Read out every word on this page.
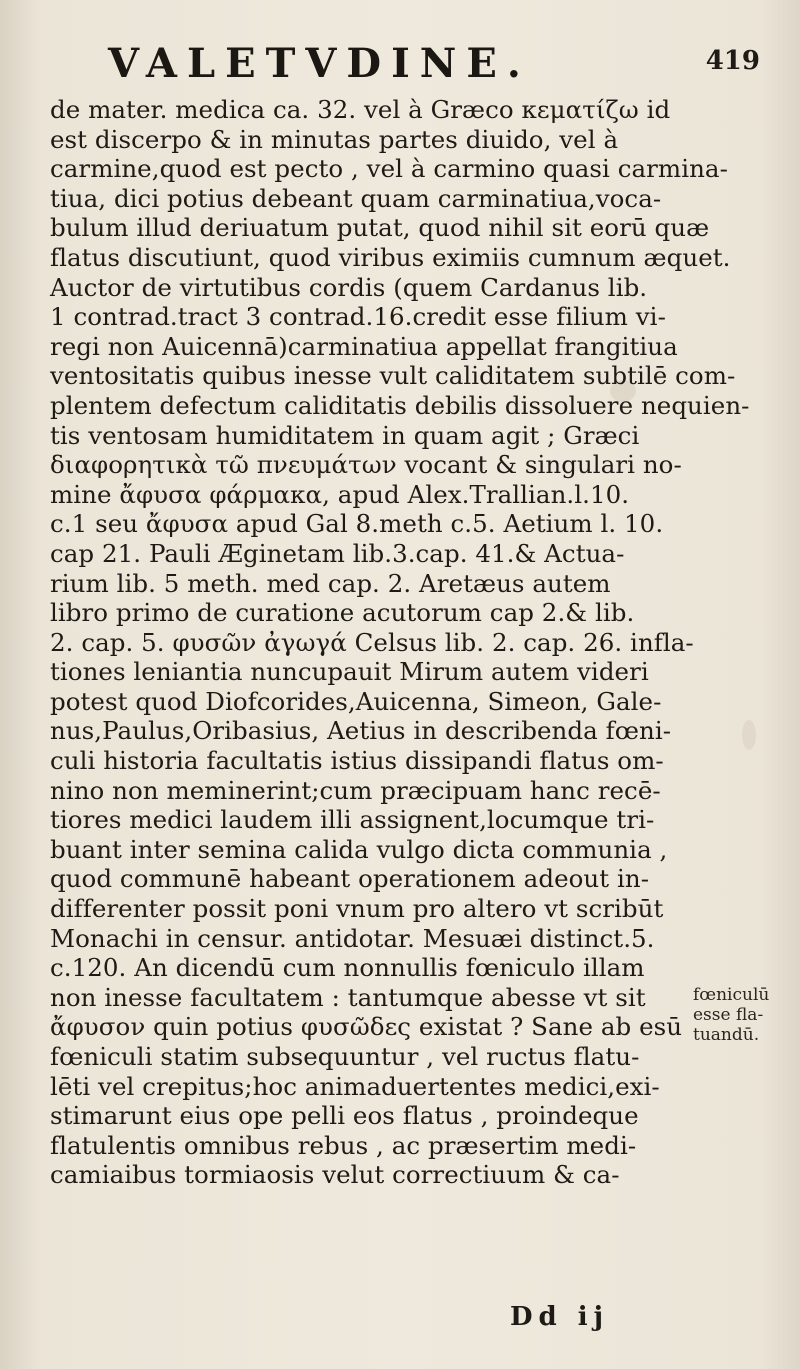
VALETVDINE.	419
de mater. medica ca. 32. vel à Græco κεματίζω id
est discerpo & in minutas partes diuido, vel à
carmine,quod est pecto , vel à carmino quasi carmina-
tiua, dici potius debeant quam carminatiua,voca-
bulum illud deriuatum putat, quod nihil sit eorū quæ
flatus discutiunt, quod viribus eximiis cumnum æquet.
Auctor de virtutibus cordis (quem Cardanus lib.
1 contrad.tract 3 contrad.16.credit esse filium vi-
regi non Auicennā)carminatiua appellat frangitiua
ventositatis quibus inesse vult caliditatem subtilē com-
plentem defectum caliditatis debilis dissoluere nequien-
tis ventosam humiditatem in quam agit ; Græci
διαφορητικὰ τῶ πνευμάτων vocant & singulari no-
mine ἄφυσα φάρμακα, apud Alex.Trallian.l.10.
c.1 seu ἄφυσα apud Gal 8.meth c.5. Aetium l. 10.
cap 21. Pauli Æginetam lib.3.cap. 41.& Actua-
rium lib. 5 meth. med cap. 2. Aretæus autem
libro primo de curatione acutorum cap 2.& lib.
2. cap. 5. φυσῶν ἀγωγά Celsus lib. 2. cap. 26. infla-
tiones leniantia nuncupauit Mirum autem videri
potest quod Diofcorides,Auicenna, Simeon, Gale-
nus,Paulus,Oribasius, Aetius in describenda fœni-
culi historia facultatis istius dissipandi flatus om-
nino non meminerint;cum præcipuam hanc recē-
tiores medici laudem illi assignent,locumque tri-
buant inter semina calida vulgo dicta communia ,
quod communē habeant operationem adeout in-
differenter possit poni vnum pro altero vt scribūt
Monachi in censur. antidotar. Mesuæi distinct.5.
c.120. An dicendū cum nonnullis fœniculo illam
non inesse facultatem : tantumque abesse vt sit
ἄφυσον quin potius φυσῶδες existat ? Sane ab esū
fœniculi statim subsequuntur , vel ructus flatu-
lēti vel crepitus;hoc animaduertentes medici,exi-
stimarunt eius ope pelli eos flatus , proindeque
flatulentis omnibus rebus , ac præsertim medi-
camiaibus tormiaosis velut correctiuum & ca-
fœniculū
esse fla-
tuandū.
Dd ij
